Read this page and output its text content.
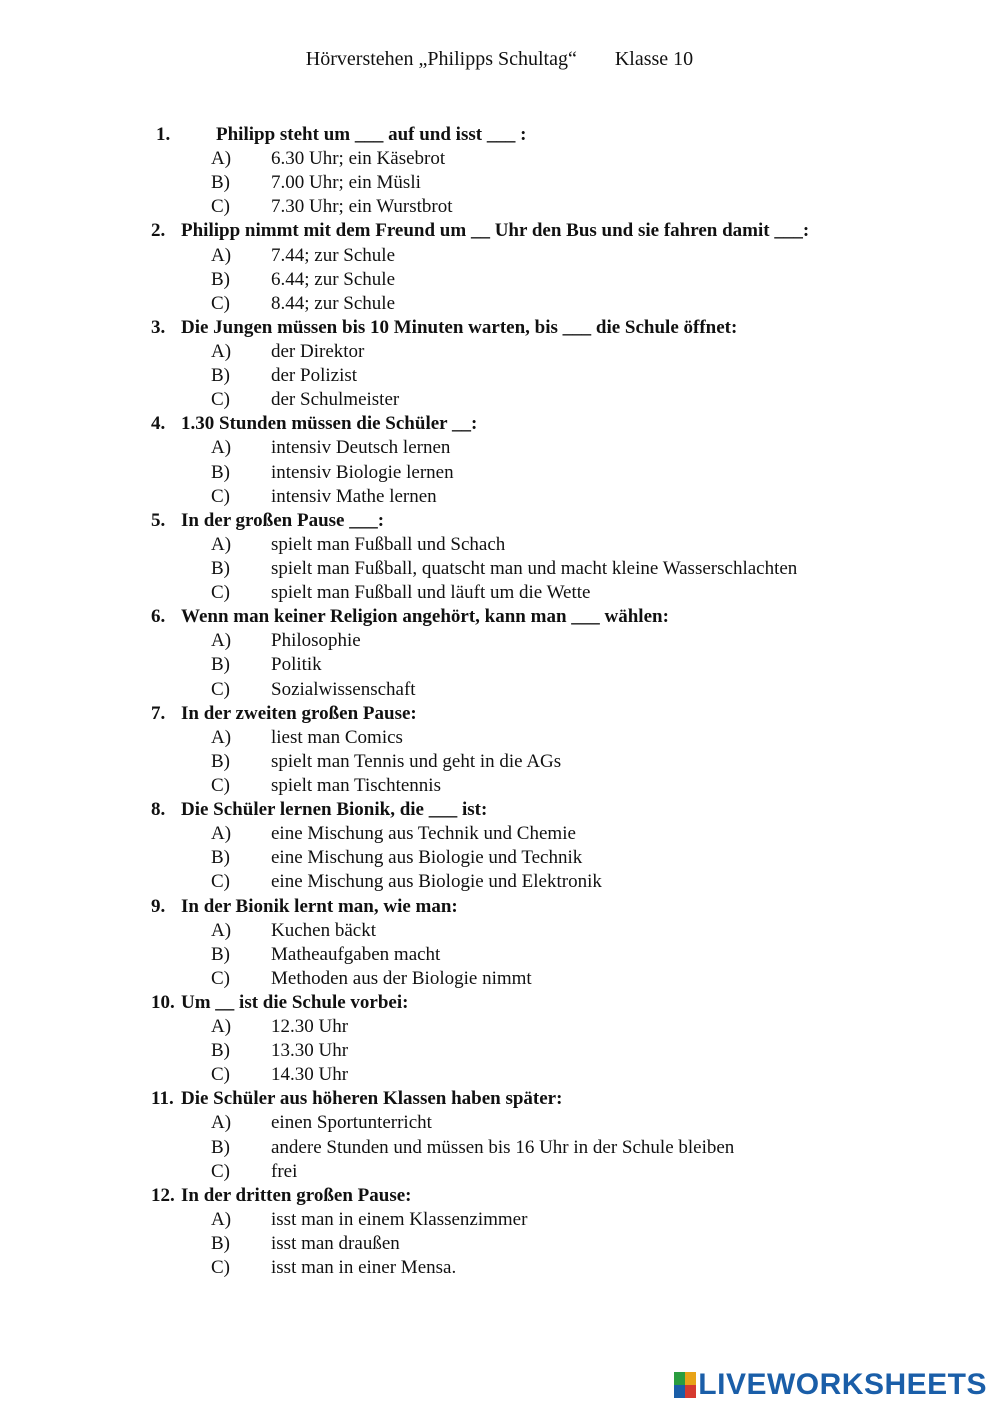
Hörverstehen „Philipps Schultag“ Klasse 10
1. Philipp steht um ___ auf und isst ___ :
A) 6.30 Uhr; ein Käsebrot
B) 7.00 Uhr; ein Müsli
C) 7.30 Uhr; ein Wurstbrot
2. Philipp nimmt mit dem Freund um __ Uhr den Bus und sie fahren damit ___:
A) 7.44; zur Schule
B) 6.44; zur Schule
C) 8.44; zur Schule
3. Die Jungen müssen bis 10 Minuten warten, bis ___ die Schule öffnet:
A) der Direktor
B) der Polizist
C) der Schulmeister
4. 1.30 Stunden müssen die Schüler __:
A) intensiv Deutsch lernen
B) intensiv Biologie lernen
C) intensiv Mathe lernen
5. In der großen Pause ___:
A) spielt man Fußball und Schach
B) spielt man Fußball, quatscht man und macht kleine Wasserschlachten
C) spielt man Fußball und läuft um die Wette
6. Wenn man keiner Religion angehört, kann man ___ wählen:
A) Philosophie
B) Politik
C) Sozialwissenschaft
7. In der zweiten großen Pause:
A) liest man Comics
B) spielt man Tennis und geht in die AGs
C) spielt man Tischtennis
8. Die Schüler lernen Bionik, die ___ ist:
A) eine Mischung aus Technik und Chemie
B) eine Mischung aus Biologie und Technik
C) eine Mischung aus Biologie und Elektronik
9. In der Bionik lernt man, wie man:
A) Kuchen bäckt
B) Matheaufgaben macht
C) Methoden aus der Biologie nimmt
10. Um __ ist die Schule vorbei:
A) 12.30 Uhr
B) 13.30 Uhr
C) 14.30 Uhr
11. Die Schüler aus höheren Klassen haben später:
A) einen Sportunterricht
B) andere Stunden und müssen bis 16 Uhr in der Schule bleiben
C) frei
12. In der dritten großen Pause:
A) isst man in einem Klassenzimmer
B) isst man draußen
C) isst man in einer Mensa.
LIVEWORKSHEETS
